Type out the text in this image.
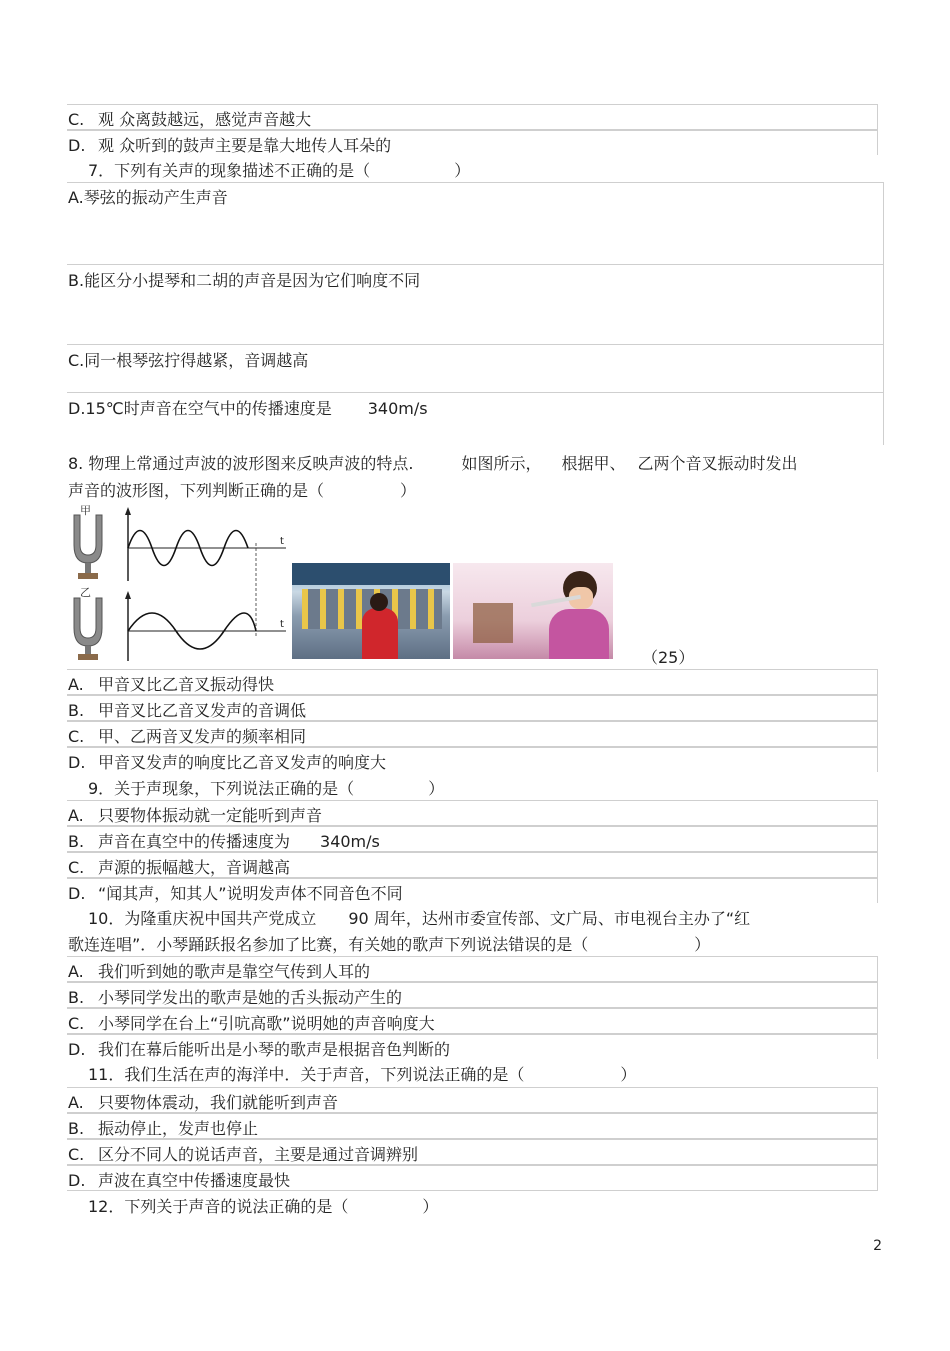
C. 观 众离鼓越远，感觉声音越大
D. 观 众听到的鼓声主要是靠大地传人耳朵的
7．下列有关声的现象描述不正确的是（	）
A.琴弦的振动产生声音
B.能区分小提琴和二胡的声音是因为它们响度不同
C.同一根琴弦拧得越紧，音调越高
D.15℃时声音在空气中的传播速度是 340m/s
8. 物理上常通过声波的波形图来反映声波的特点.	如图所示， 根据甲、 乙两个音叉振动时发出
声音的波形图，下列判断正确的是（	）
甲
t
乙
t
（25）
A. 甲音叉比乙音叉振动得快
B. 甲音叉比乙音叉发声的音调低
C. 甲、乙两音叉发声的频率相同
D. 甲音叉发声的响度比乙音叉发声的响度大
9．关于声现象，下列说法正确的是（	）
A. 只要物体振动就一定能听到声音
B. 声音在真空中的传播速度为 340m/s
C. 声源的振幅越大，音调越高
D. “闻其声，知其人”说明发声体不同音色不同
10．为隆重庆祝中国共产党成立 90 周年，达州市委宣传部、文广局、市电视台主办了“红
歌连连唱”．小琴踊跃报名参加了比赛，有关她的歌声下列说法错误的是（	）
A. 我们听到她的歌声是靠空气传到人耳的
B. 小琴同学发出的歌声是她的舌头振动产生的
C. 小琴同学在台上“引吭高歌”说明她的声音响度大
D. 我们在幕后能听出是小琴的歌声是根据音色判断的
11．我们生活在声的海洋中．关于声音，下列说法正确的是（	）
A. 只要物体震动，我们就能听到声音
B. 振动停止，发声也停止
C. 区分不同人的说话声音，主要是通过音调辨别
D. 声波在真空中传播速度最快
12．下列关于声音的说法正确的是（	）
2
